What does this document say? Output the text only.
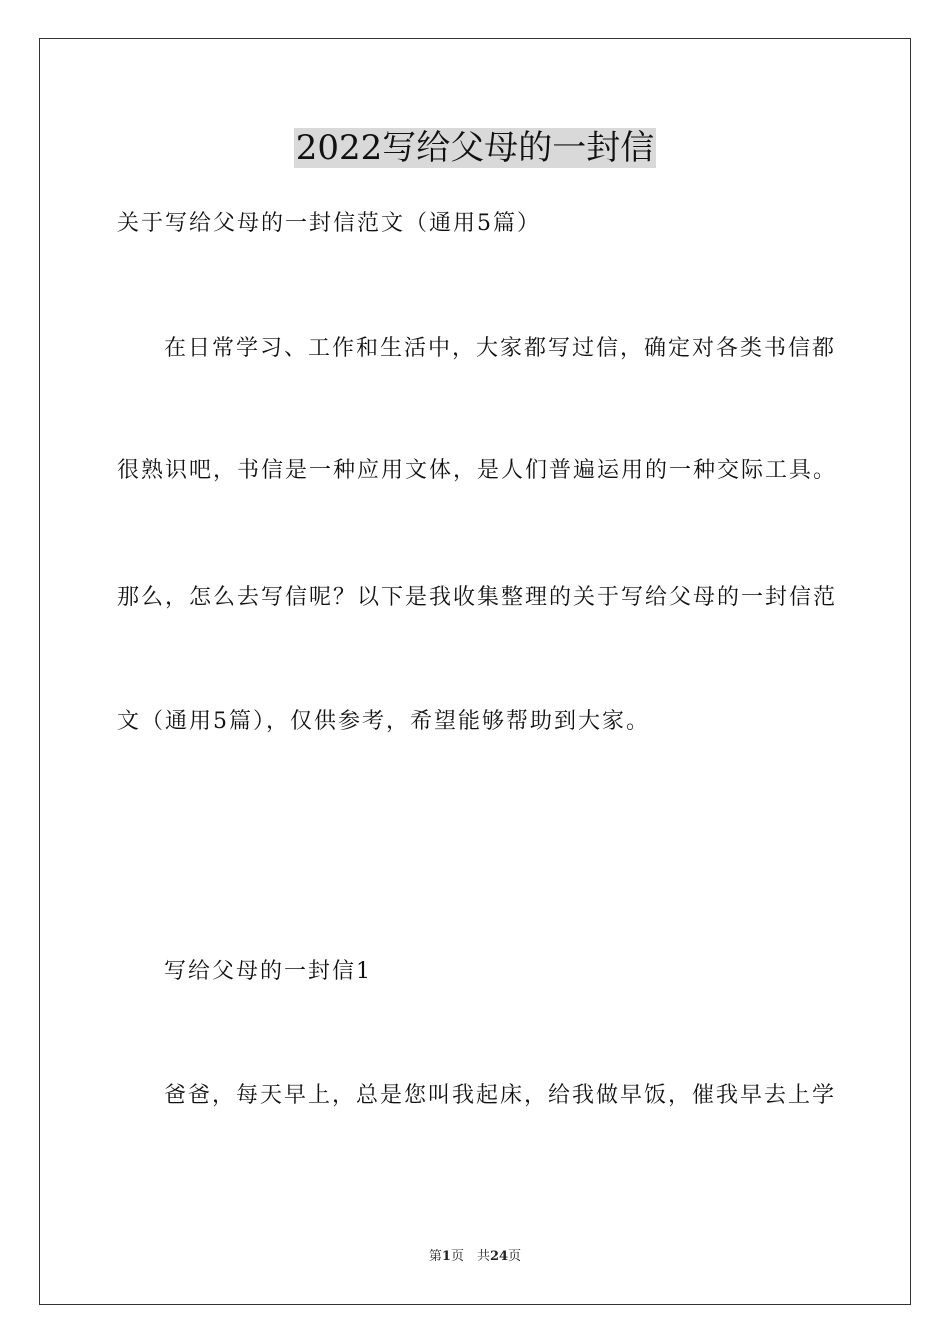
2022写给父母的一封信

关于写给父母的一封信范文（通用5篇）

在日常学习、工作和生活中，大家都写过信，确定对各类书信都

很熟识吧，书信是一种应用文体，是人们普遍运用的一种交际工具。

那么，怎么去写信呢？以下是我收集整理的关于写给父母的一封信范

文（通用5篇），仅供参考，希望能够帮助到大家。

写给父母的一封信1

爸爸，每天早上，总是您叫我起床，给我做早饭，催我早去上学

第1页　共24页
